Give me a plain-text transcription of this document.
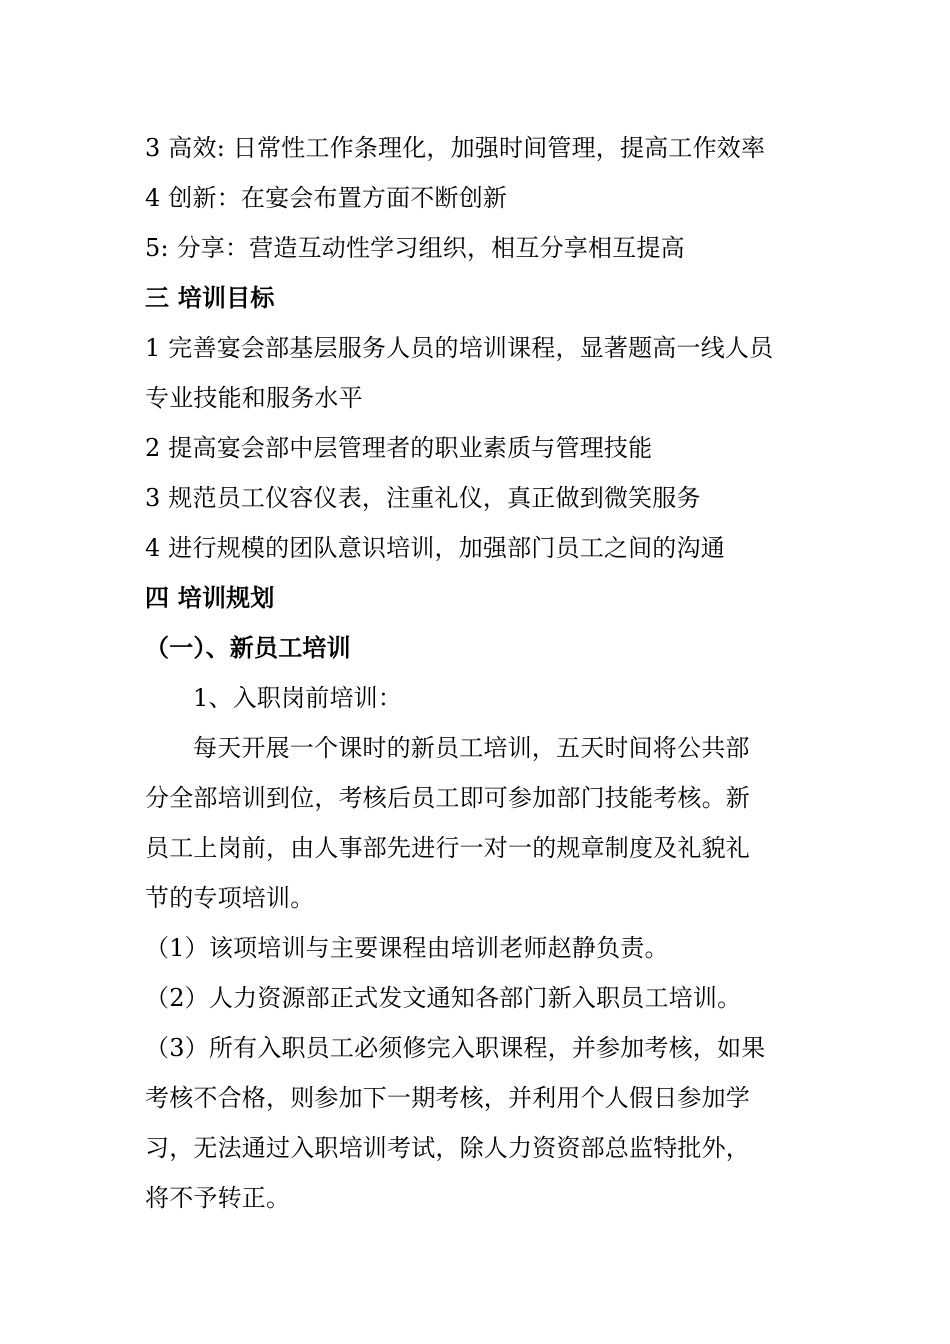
3 高效: 日常性工作条理化，加强时间管理，提高工作效率
4 创新：在宴会布置方面不断创新
5: 分享：营造互动性学习组织，相互分享相互提高
三 培训目标
1 完善宴会部基层服务人员的培训课程，显著题高一线人员
专业技能和服务水平
2 提高宴会部中层管理者的职业素质与管理技能
3 规范员工仪容仪表，注重礼仪，真正做到微笑服务
4 进行规模的团队意识培训，加强部门员工之间的沟通
四 培训规划
（一）、新员工培训
1、入职岗前培训：
每天开展一个课时的新员工培训，五天时间将公共部
分全部培训到位，考核后员工即可参加部门技能考核。新
员工上岗前，由人事部先进行一对一的规章制度及礼貌礼
节的专项培训。
（1）该项培训与主要课程由培训老师赵静负责。
（2）人力资源部正式发文通知各部门新入职员工培训。
（3）所有入职员工必须修完入职课程，并参加考核，如果
考核不合格，则参加下一期考核，并利用个人假日参加学
习，无法通过入职培训考试，除人力资资部总监特批外，
将不予转正。
